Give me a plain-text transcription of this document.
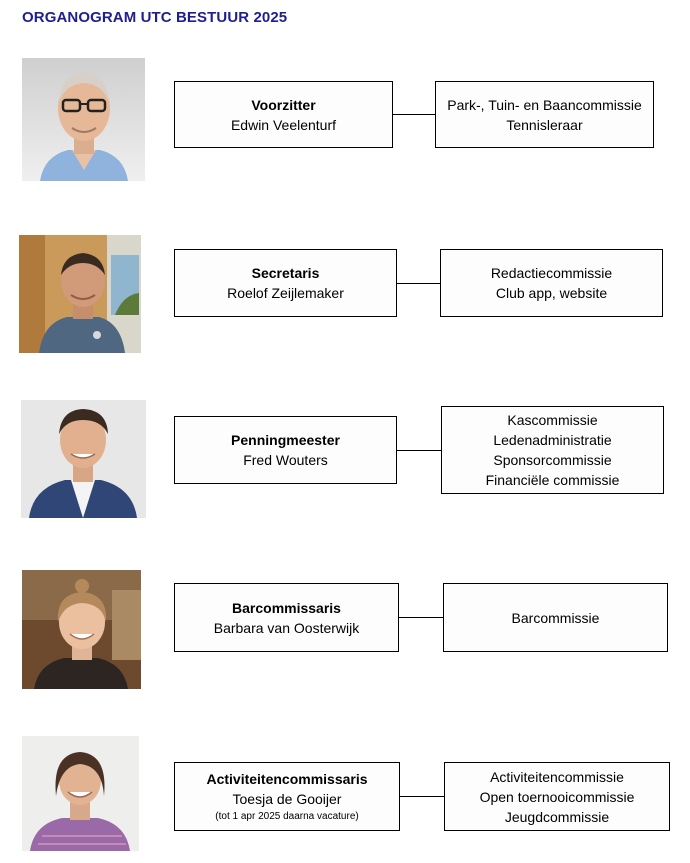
ORGANOGRAM UTC BESTUUR 2025
Voorzitter
Edwin Veelenturf
Park-, Tuin- en Baancommissie
Tennisleraar
Secretaris
Roelof Zeijlemaker
Redactiecommissie
Club app, website
Penningmeester
Fred Wouters
Kascommissie
Ledenadministratie
Sponsorcommissie
Financiële commissie
Barcommissaris
Barbara van Oosterwijk
Barcommissie
Activiteitencommissaris
Toesja de Gooijer
(tot 1 apr 2025 daarna vacature)
Activiteitencommissie
Open toernooicommissie
Jeugdcommissie
